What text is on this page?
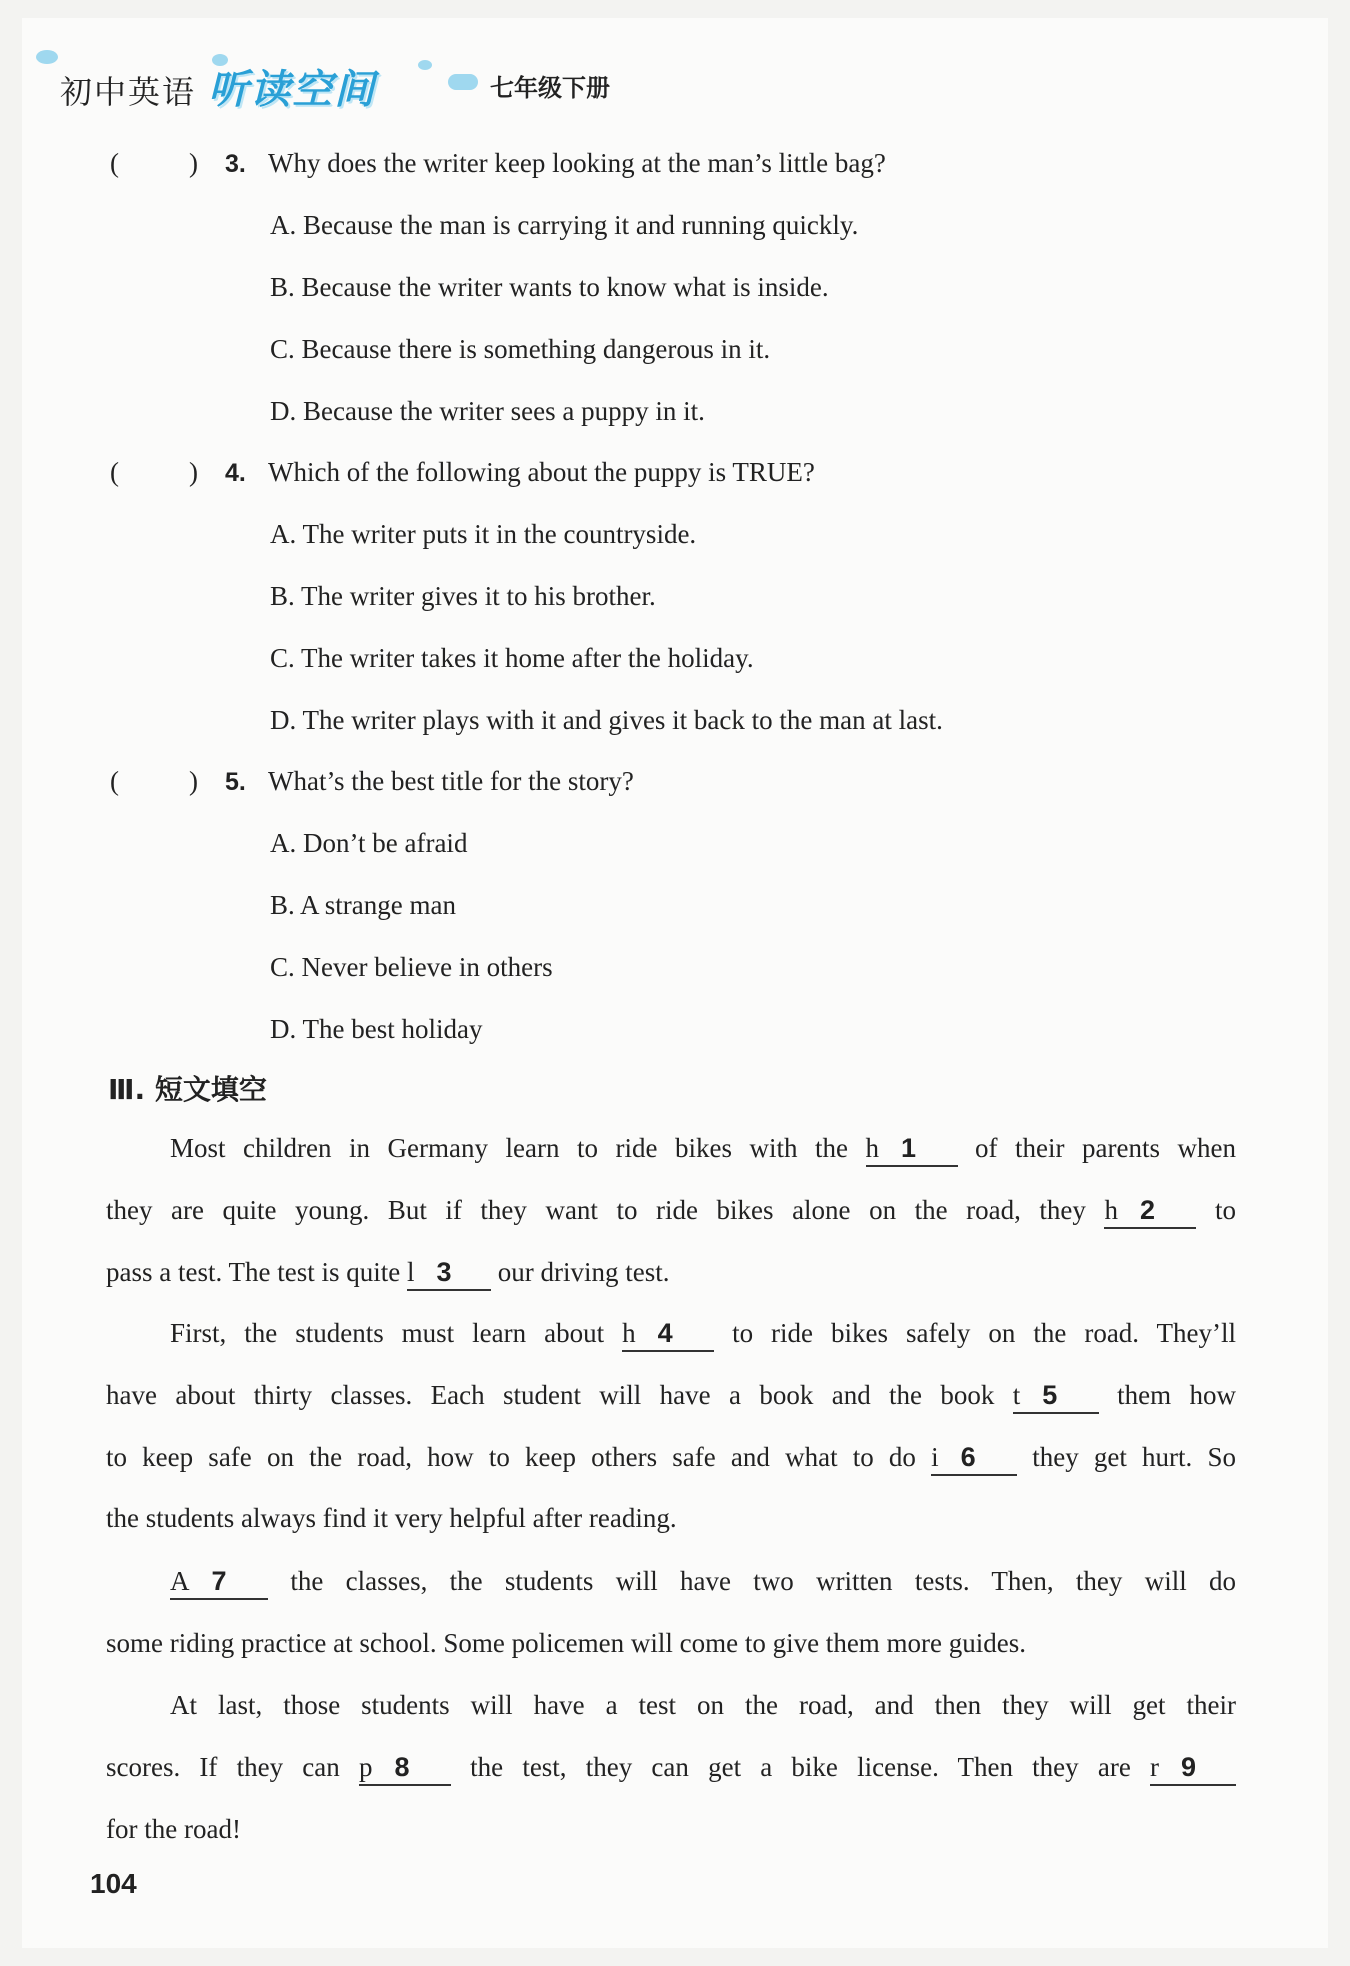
初中英语 听读空间	七年级下册
(	) 3. Why does the writer keep looking at the man’s little bag?
A. Because the man is carrying it and running quickly.
B. Because the writer wants to know what is inside.
C. Because there is something dangerous in it.
D. Because the writer sees a puppy in it.
(	) 4. Which of the following about the puppy is TRUE?
A. The writer puts it in the countryside.
B. The writer gives it to his brother.
C. The writer takes it home after the holiday.
D. The writer plays with it and gives it back to the man at last.
(	) 5. What’s the best title for the story?
A. Don’t be afraid
B. A strange man
C. Never believe in others
D. The best holiday
Ⅲ. 短文填空
Most children in Germany learn to ride bikes with the h 1 of their parents when
they are quite young. But if they want to ride bikes alone on the road, they h 2 to
pass a test. The test is quite l 3 our driving test.
First, the students must learn about h 4 to ride bikes safely on the road. They’ll
have about thirty classes. Each student will have a book and the book t 5 them how
to keep safe on the road, how to keep others safe and what to do i 6 they get hurt. So
the students always find it very helpful after reading.
A 7 the classes, the students will have two written tests. Then, they will do
some riding practice at school. Some policemen will come to give them more guides.
At last, those students will have a test on the road, and then they will get their
scores. If they can p 8 the test, they can get a bike license. Then they are r 9
for the road!
104
